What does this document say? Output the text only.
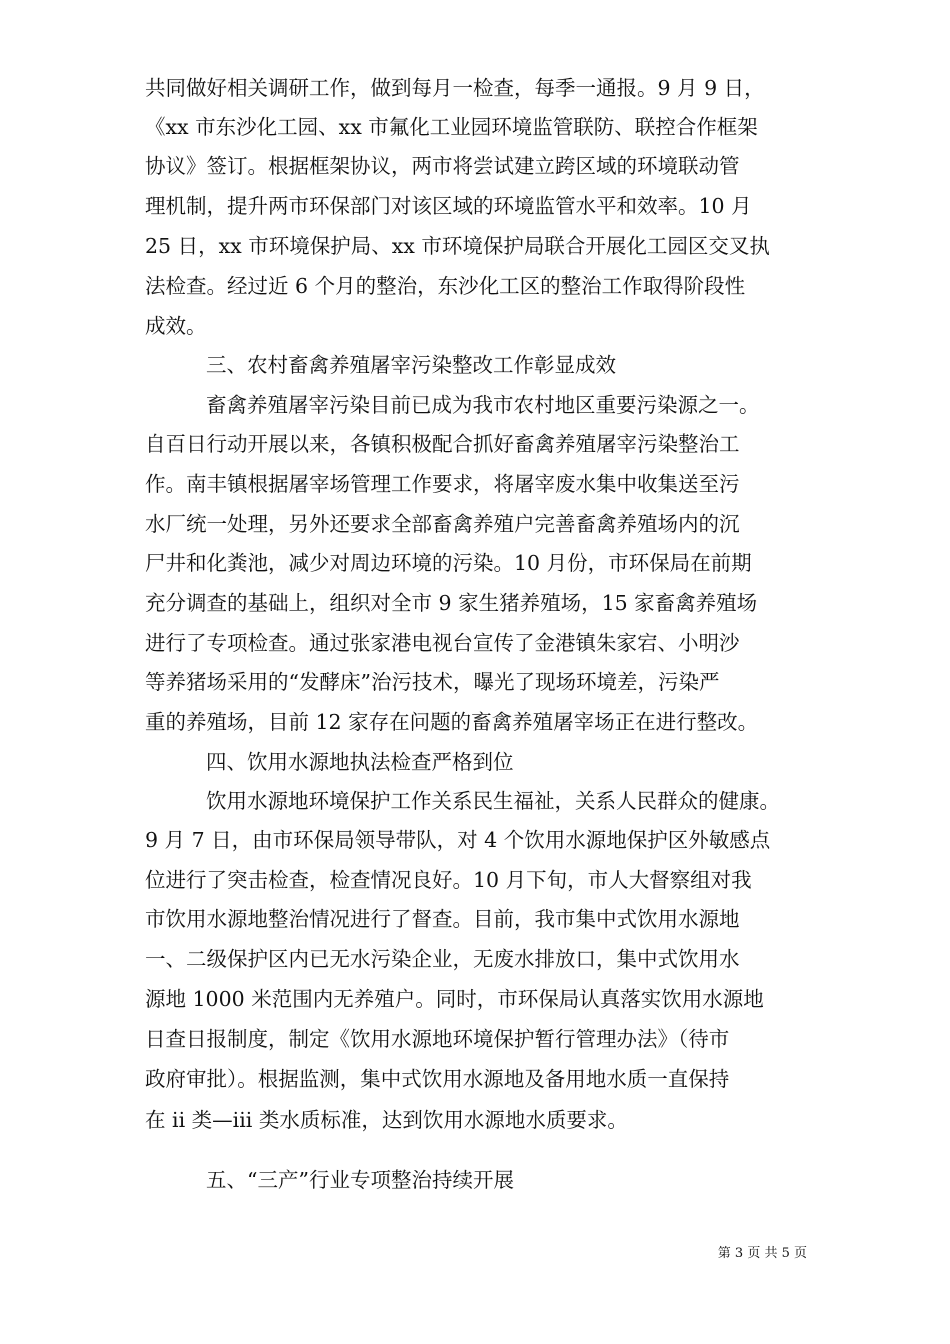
共同做好相关调研工作，做到每月一检查，每季一通报。9 月 9 日，
《xx 市东沙化工园、xx 市氟化工业园环境监管联防、联控合作框架
协议》签订。根据框架协议，两市将尝试建立跨区域的环境联动管
理机制，提升两市环保部门对该区域的环境监管水平和效率。10 月
25 日，xx 市环境保护局、xx 市环境保护局联合开展化工园区交叉执
法检查。经过近 6 个月的整治，东沙化工区的整治工作取得阶段性
成效。
三、农村畜禽养殖屠宰污染整改工作彰显成效
畜禽养殖屠宰污染目前已成为我市农村地区重要污染源之一。
自百日行动开展以来，各镇积极配合抓好畜禽养殖屠宰污染整治工
作。南丰镇根据屠宰场管理工作要求，将屠宰废水集中收集送至污
水厂统一处理，另外还要求全部畜禽养殖户完善畜禽养殖场内的沉
尸井和化粪池，减少对周边环境的污染。10 月份，市环保局在前期
充分调查的基础上，组织对全市 9 家生猪养殖场，15 家畜禽养殖场
进行了专项检查。通过张家港电视台宣传了金港镇朱家宕、小明沙
等养猪场采用的“发酵床”治污技术，曝光了现场环境差，污染严
重的养殖场，目前 12 家存在问题的畜禽养殖屠宰场正在进行整改。
四、饮用水源地执法检查严格到位
饮用水源地环境保护工作关系民生福祉，关系人民群众的健康。
9 月 7 日，由市环保局领导带队，对 4 个饮用水源地保护区外敏感点
位进行了突击检查，检查情况良好。10 月下旬，市人大督察组对我
市饮用水源地整治情况进行了督查。目前，我市集中式饮用水源地
一、二级保护区内已无水污染企业，无废水排放口，集中式饮用水
源地 1000 米范围内无养殖户。同时，市环保局认真落实饮用水源地
日查日报制度，制定《饮用水源地环境保护暂行管理办法》（待市
政府审批）。根据监测，集中式饮用水源地及备用地水质一直保持
在 ii 类—iii 类水质标准，达到饮用水源地水质要求。
五、“三产”行业专项整治持续开展
第 3 页 共 5 页
